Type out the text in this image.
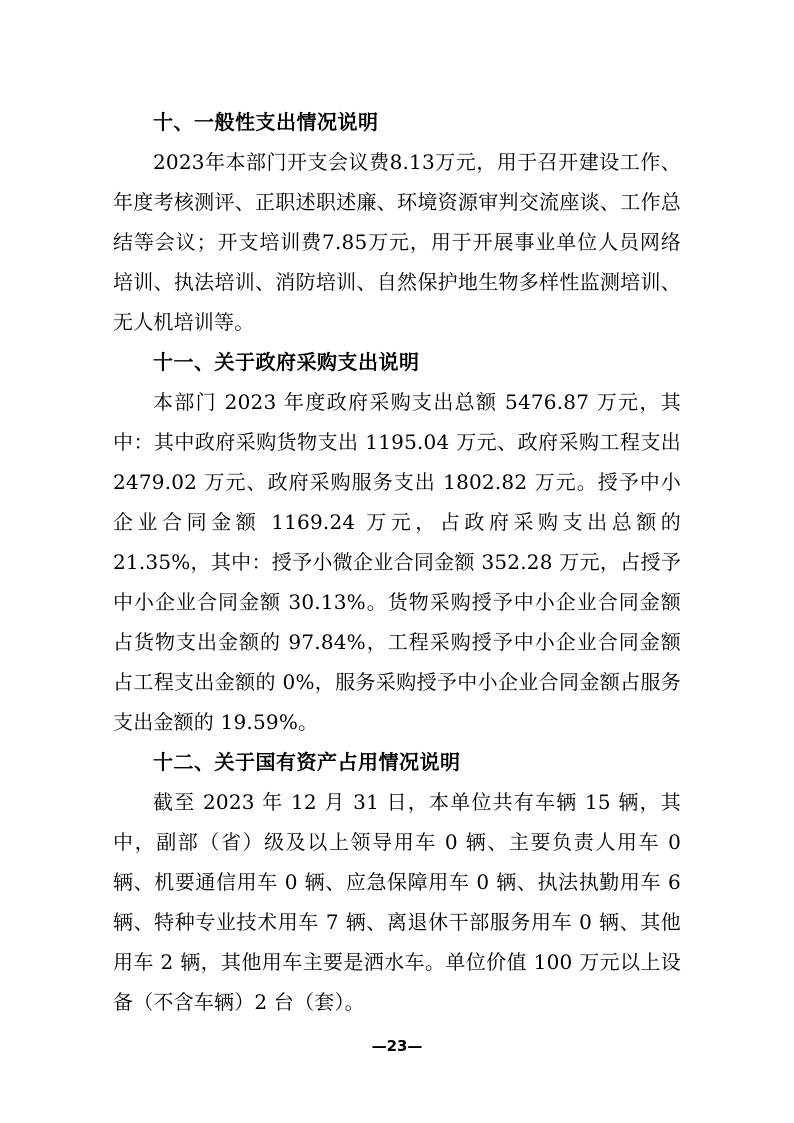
十、一般性支出情况说明

2023年本部门开支会议费8.13万元，用于召开建设工作、年度考核测评、正职述职述廉、环境资源审判交流座谈、工作总结等会议；开支培训费7.85万元，用于开展事业单位人员网络培训、执法培训、消防培训、自然保护地生物多样性监测培训、无人机培训等。

十一、关于政府采购支出说明

本部门 2023 年度政府采购支出总额 5476.87 万元，其中：其中政府采购货物支出 1195.04 万元、政府采购工程支出 2479.02 万元、政府采购服务支出 1802.82 万元。授予中小企业合同金额 1169.24 万元，占政府采购支出总额的 21.35%，其中：授予小微企业合同金额 352.28 万元，占授予中小企业合同金额 30.13%。货物采购授予中小企业合同金额占货物支出金额的 97.84%，工程采购授予中小企业合同金额占工程支出金额的 0%，服务采购授予中小企业合同金额占服务支出金额的 19.59%。

十二、关于国有资产占用情况说明

截至 2023 年 12 月 31 日，本单位共有车辆 15 辆，其中，副部（省）级及以上领导用车 0 辆、主要负责人用车 0 辆、机要通信用车 0 辆、应急保障用车 0 辆、执法执勤用车 6 辆、特种专业技术用车 7 辆、离退休干部服务用车 0 辆、其他用车 2 辆，其他用车主要是洒水车。单位价值 100 万元以上设备（不含车辆）2 台（套）。

—23—
